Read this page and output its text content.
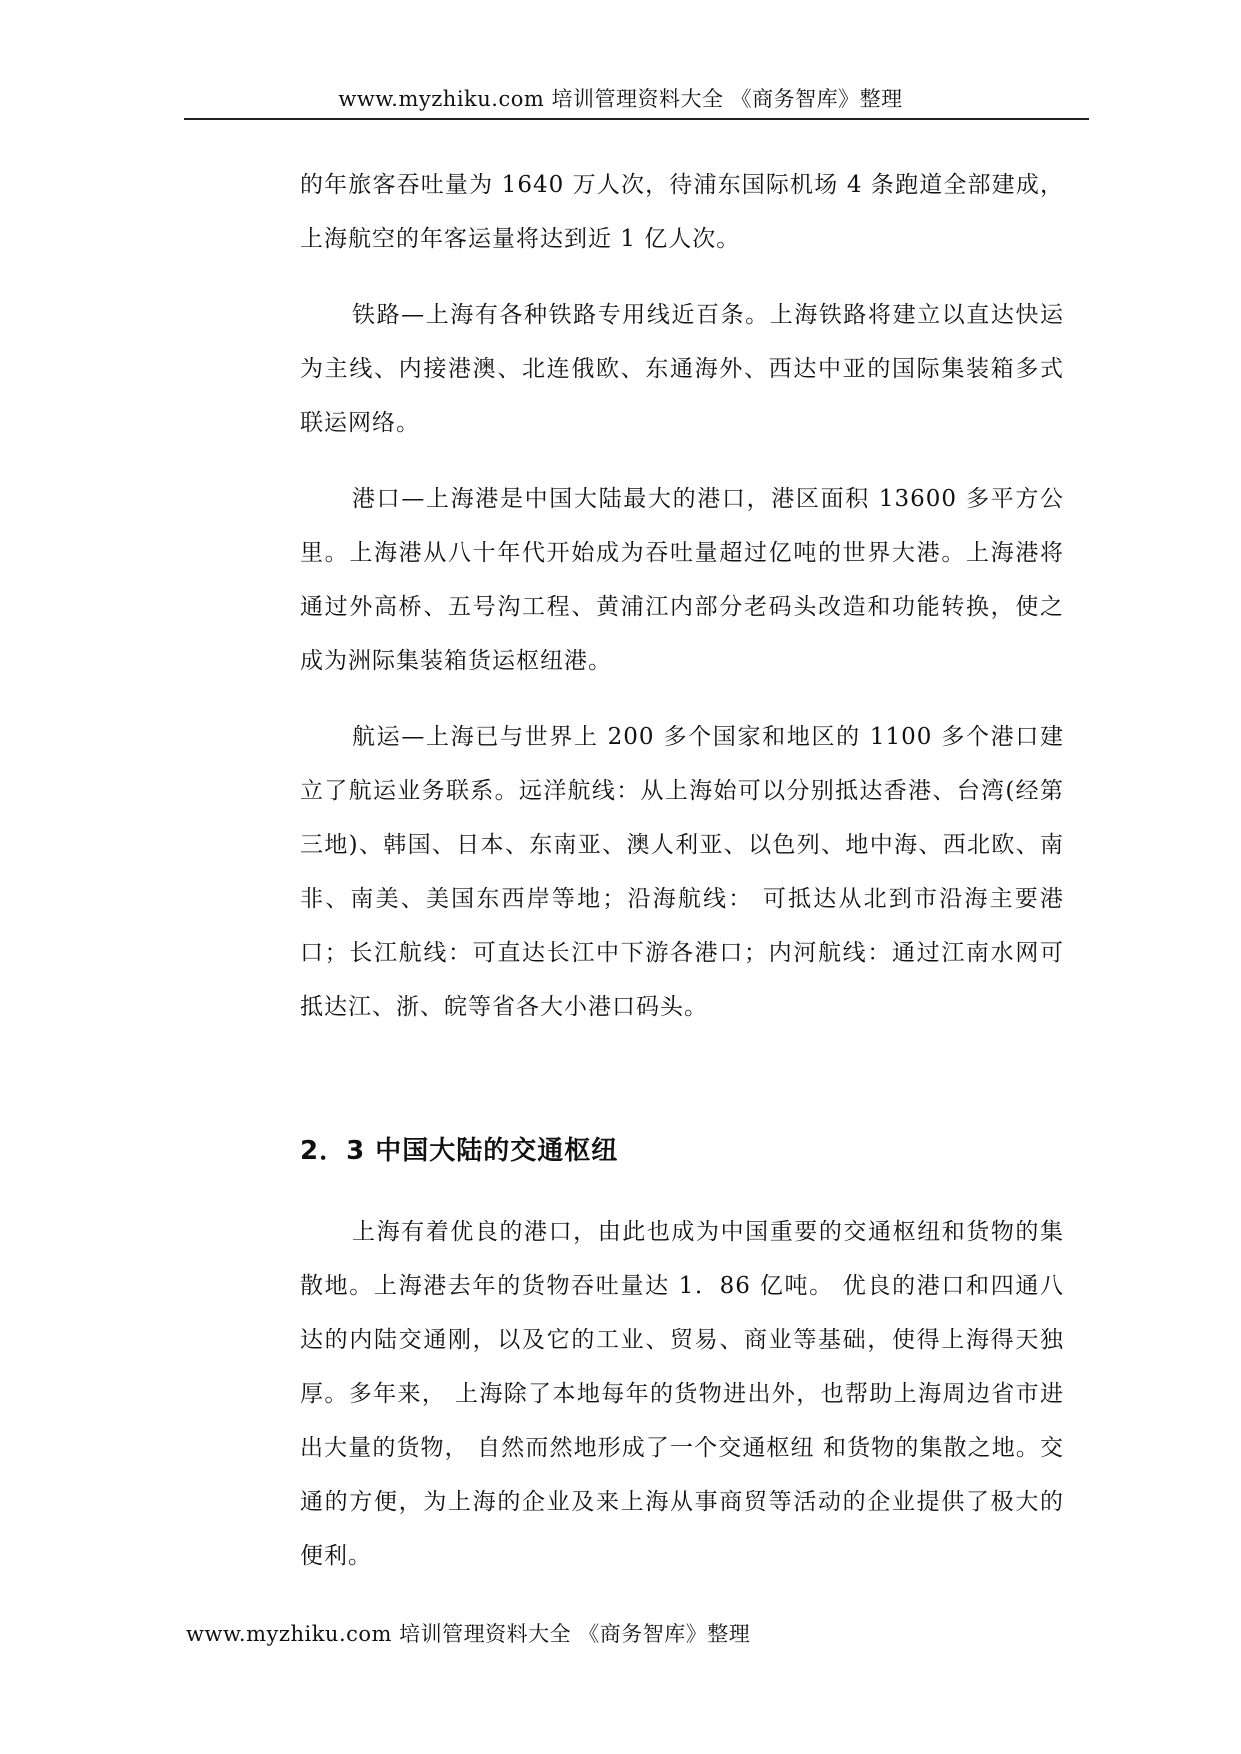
www.myzhiku.com 培训管理资料大全 《商务智库》整理

的年旅客吞吐量为 1640 万人次，待浦东国际机场 4 条跑道全部建成，上海航空的年客运量将达到近 1 亿人次。

铁路—上海有各种铁路专用线近百条。上海铁路将建立以直达快运为主线、内接港澳、北连俄欧、东通海外、西达中亚的国际集装箱多式联运网络。

港口—上海港是中国大陆最大的港口，港区面积 13600 多平方公里。上海港从八十年代开始成为吞吐量超过亿吨的世界大港。上海港将通过外高桥、五号沟工程、黄浦江内部分老码头改造和功能转换，使之成为洲际集装箱货运枢纽港。

航运—上海已与世界上 200 多个国家和地区的 1100 多个港口建立了航运业务联系。远洋航线：从上海始可以分别抵达香港、台湾(经第三地)、韩国、日本、东南亚、澳人利亚、以色列、地中海、西北欧、南非、南美、美国东西岸等地；沿海航线： 可抵达从北到市沿海主要港口；长江航线：可直达长江中下游各港口；内河航线：通过江南水网可抵达江、浙、皖等省各大小港口码头。

2．3 中国大陆的交通枢纽

上海有着优良的港口，由此也成为中国重要的交通枢纽和货物的集散地。上海港去年的货物吞吐量达 1．86 亿吨。 优良的港口和四通八达的内陆交通刚，以及它的工业、贸易、商业等基础，使得上海得天独厚。多年来， 上海除了本地每年的货物进出外，也帮助上海周边省市进出大量的货物， 自然而然地形成了一个交通枢纽 和货物的集散之地。交通的方便，为上海的企业及来上海从事商贸等活动的企业提供了极大的便利。

www.myzhiku.com 培训管理资料大全 《商务智库》整理
